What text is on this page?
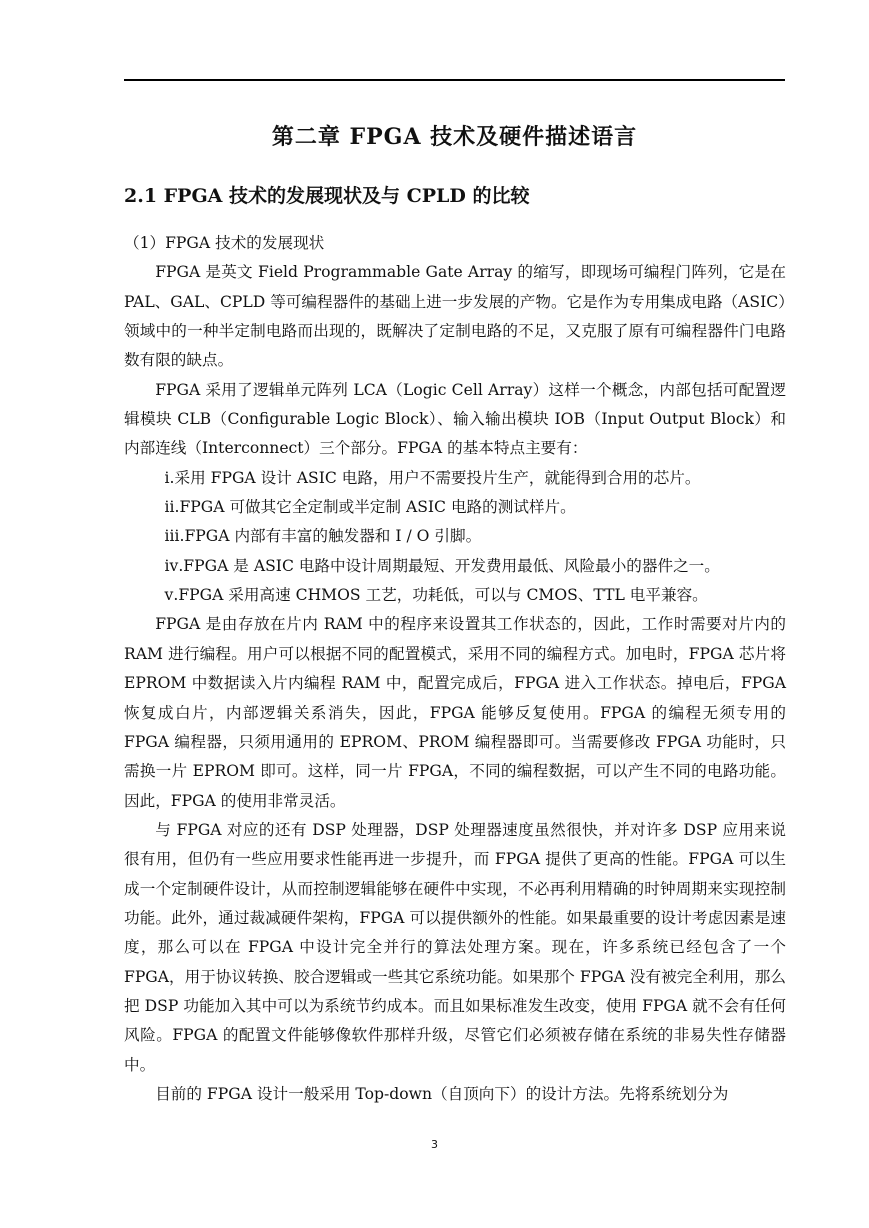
第二章 FPGA 技术及硬件描述语言
2.1 FPGA 技术的发展现状及与 CPLD 的比较

（1）FPGA 技术的发展现状

FPGA 是英文 Field Programmable Gate Array 的缩写，即现场可编程门阵列，它是在 PAL、GAL、CPLD 等可编程器件的基础上进一步发展的产物。它是作为专用集成电路（ASIC）领域中的一种半定制电路而出现的，既解决了定制电路的不足，又克服了原有可编程器件门电路数有限的缺点。

FPGA 采用了逻辑单元阵列 LCA（Logic Cell Array）这样一个概念，内部包括可配置逻辑模块 CLB（Configurable Logic Block）、输入输出模块 IOB（Input Output Block）和内部连线（Interconnect）三个部分。FPGA 的基本特点主要有：

ⅰ.采用 FPGA 设计 ASIC 电路，用户不需要投片生产，就能得到合用的芯片。

ⅱ.FPGA 可做其它全定制或半定制 ASIC 电路的测试样片。

ⅲ.FPGA 内部有丰富的触发器和 I / O 引脚。

ⅳ.FPGA 是 ASIC 电路中设计周期最短、开发费用最低、风险最小的器件之一。

ⅴ.FPGA 采用高速 CHMOS 工艺，功耗低，可以与 CMOS、TTL 电平兼容。

FPGA 是由存放在片内 RAM 中的程序来设置其工作状态的，因此，工作时需要对片内的 RAM 进行编程。用户可以根据不同的配置模式，采用不同的编程方式。加电时，FPGA 芯片将 EPROM 中数据读入片内编程 RAM 中，配置完成后，FPGA 进入工作状态。掉电后，FPGA 恢复成白片，内部逻辑关系消失，因此，FPGA 能够反复使用。FPGA 的编程无须专用的 FPGA 编程器，只须用通用的 EPROM、PROM 编程器即可。当需要修改 FPGA 功能时，只需换一片 EPROM 即可。这样，同一片 FPGA，不同的编程数据，可以产生不同的电路功能。因此，FPGA 的使用非常灵活。

与 FPGA 对应的还有 DSP 处理器，DSP 处理器速度虽然很快，并对许多 DSP 应用来说很有用，但仍有一些应用要求性能再进一步提升，而 FPGA 提供了更高的性能。FPGA 可以生成一个定制硬件设计，从而控制逻辑能够在硬件中实现，不必再利用精确的时钟周期来实现控制功能。此外，通过裁减硬件架构，FPGA 可以提供额外的性能。如果最重要的设计考虑因素是速度，那么可以在 FPGA 中设计完全并行的算法处理方案。现在，许多系统已经包含了一个 FPGA，用于协议转换、胶合逻辑或一些其它系统功能。如果那个 FPGA 没有被完全利用，那么把 DSP 功能加入其中可以为系统节约成本。而且如果标准发生改变，使用 FPGA 就不会有任何风险。FPGA 的配置文件能够像软件那样升级，尽管它们必须被存储在系统的非易失性存储器中。

目前的 FPGA 设计一般采用 Top-down（自顶向下）的设计方法。先将系统划分为

3
